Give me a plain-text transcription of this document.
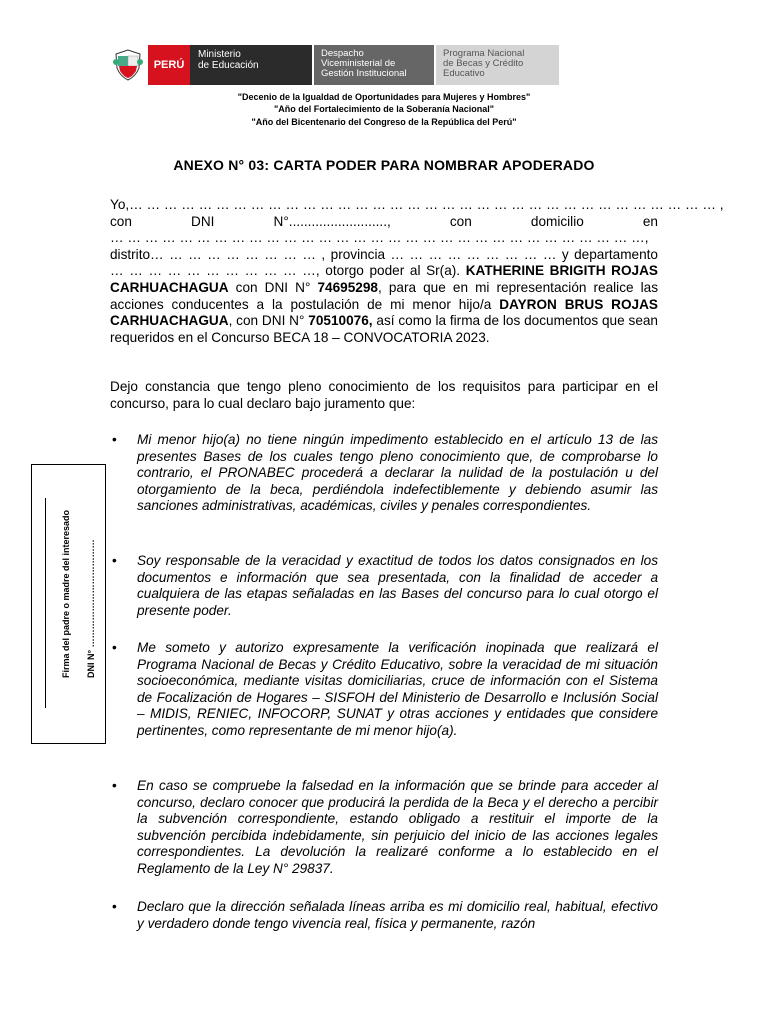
PERÚ
Ministerio
de Educación
Despacho
Viceministerial de
Gestión Institucional
Programa Nacional
de Becas y Crédito
Educativo
"Decenio de la Igualdad de Oportunidades para Mujeres y Hombres"
"Año del Fortalecimiento de la Soberanía Nacional"
"Año del Bicentenario del Congreso de la República del Perú"
ANEXO N° 03: CARTA PODER PARA NOMBRAR APODERADO
Yo,… … … … … … … … … … … … … … … … … … … … … … … … … … … … … … … … … … ,
con      DNI      N°..........................,      con      domicilio      en
… … … … … … … … … … … … … … … … … … … … … … … … … … … … … … …,
distrito… … … … … … … … … , provincia … … … … … … … … … y departamento
… … … … … … … … … … …, otorgo poder al Sr(a). KATHERINE BRIGITH ROJAS CARHUACHAGUA con DNI N° 74695298, para que en mi representación realice las acciones conducentes a la postulación de mi menor hijo/a DAYRON BRUS ROJAS CARHUACHAGUA, con DNI N° 70510076, así como la firma de los documentos que sean requeridos en el Concurso BECA 18 – CONVOCATORIA 2023.
Dejo constancia que tengo pleno conocimiento de los requisitos para participar en el concurso, para lo cual declaro bajo juramento que:
• Mi menor hijo(a) no tiene ningún impedimento establecido en el artículo 13 de las presentes Bases de los cuales tengo pleno conocimiento que, de comprobarse lo contrario, el PRONABEC procederá a declarar la nulidad de la postulación u del otorgamiento de la beca, perdiéndola indefectiblemente y debiendo asumir las sanciones administrativas, académicas, civiles y penales correspondientes.
• Soy responsable de la veracidad y exactitud de todos los datos consignados en los documentos e información que sea presentada, con la finalidad de acceder a cualquiera de las etapas señaladas en las Bases del concurso para lo cual otorgo el presente poder.
• Me someto y autorizo expresamente la verificación inopinada que realizará el Programa Nacional de Becas y Crédito Educativo, sobre la veracidad de mi situación socioeconómica, mediante visitas domiciliarias, cruce de información con el Sistema de Focalización de Hogares – SISFOH del Ministerio de Desarrollo e Inclusión Social – MIDIS, RENIEC, INFOCORP, SUNAT y otras acciones y entidades que considere pertinentes, como representante de mi menor hijo(a).
• En caso se compruebe la falsedad en la información que se brinde para acceder al concurso, declaro conocer que producirá la perdida de la Beca y el derecho a percibir la subvención correspondiente, estando obligado a restituir el importe de la subvención percibida indebidamente, sin perjuicio del inicio de las acciones legales correspondientes. La devolución la realizaré conforme a lo establecido en el Reglamento de la Ley N° 29837.
• Declaro que la dirección señalada líneas arriba es mi domicilio real, habitual, efectivo y verdadero donde tengo vivencia real, física y permanente, razón
Firma del padre o madre del interesado DNI N° ………………………………
